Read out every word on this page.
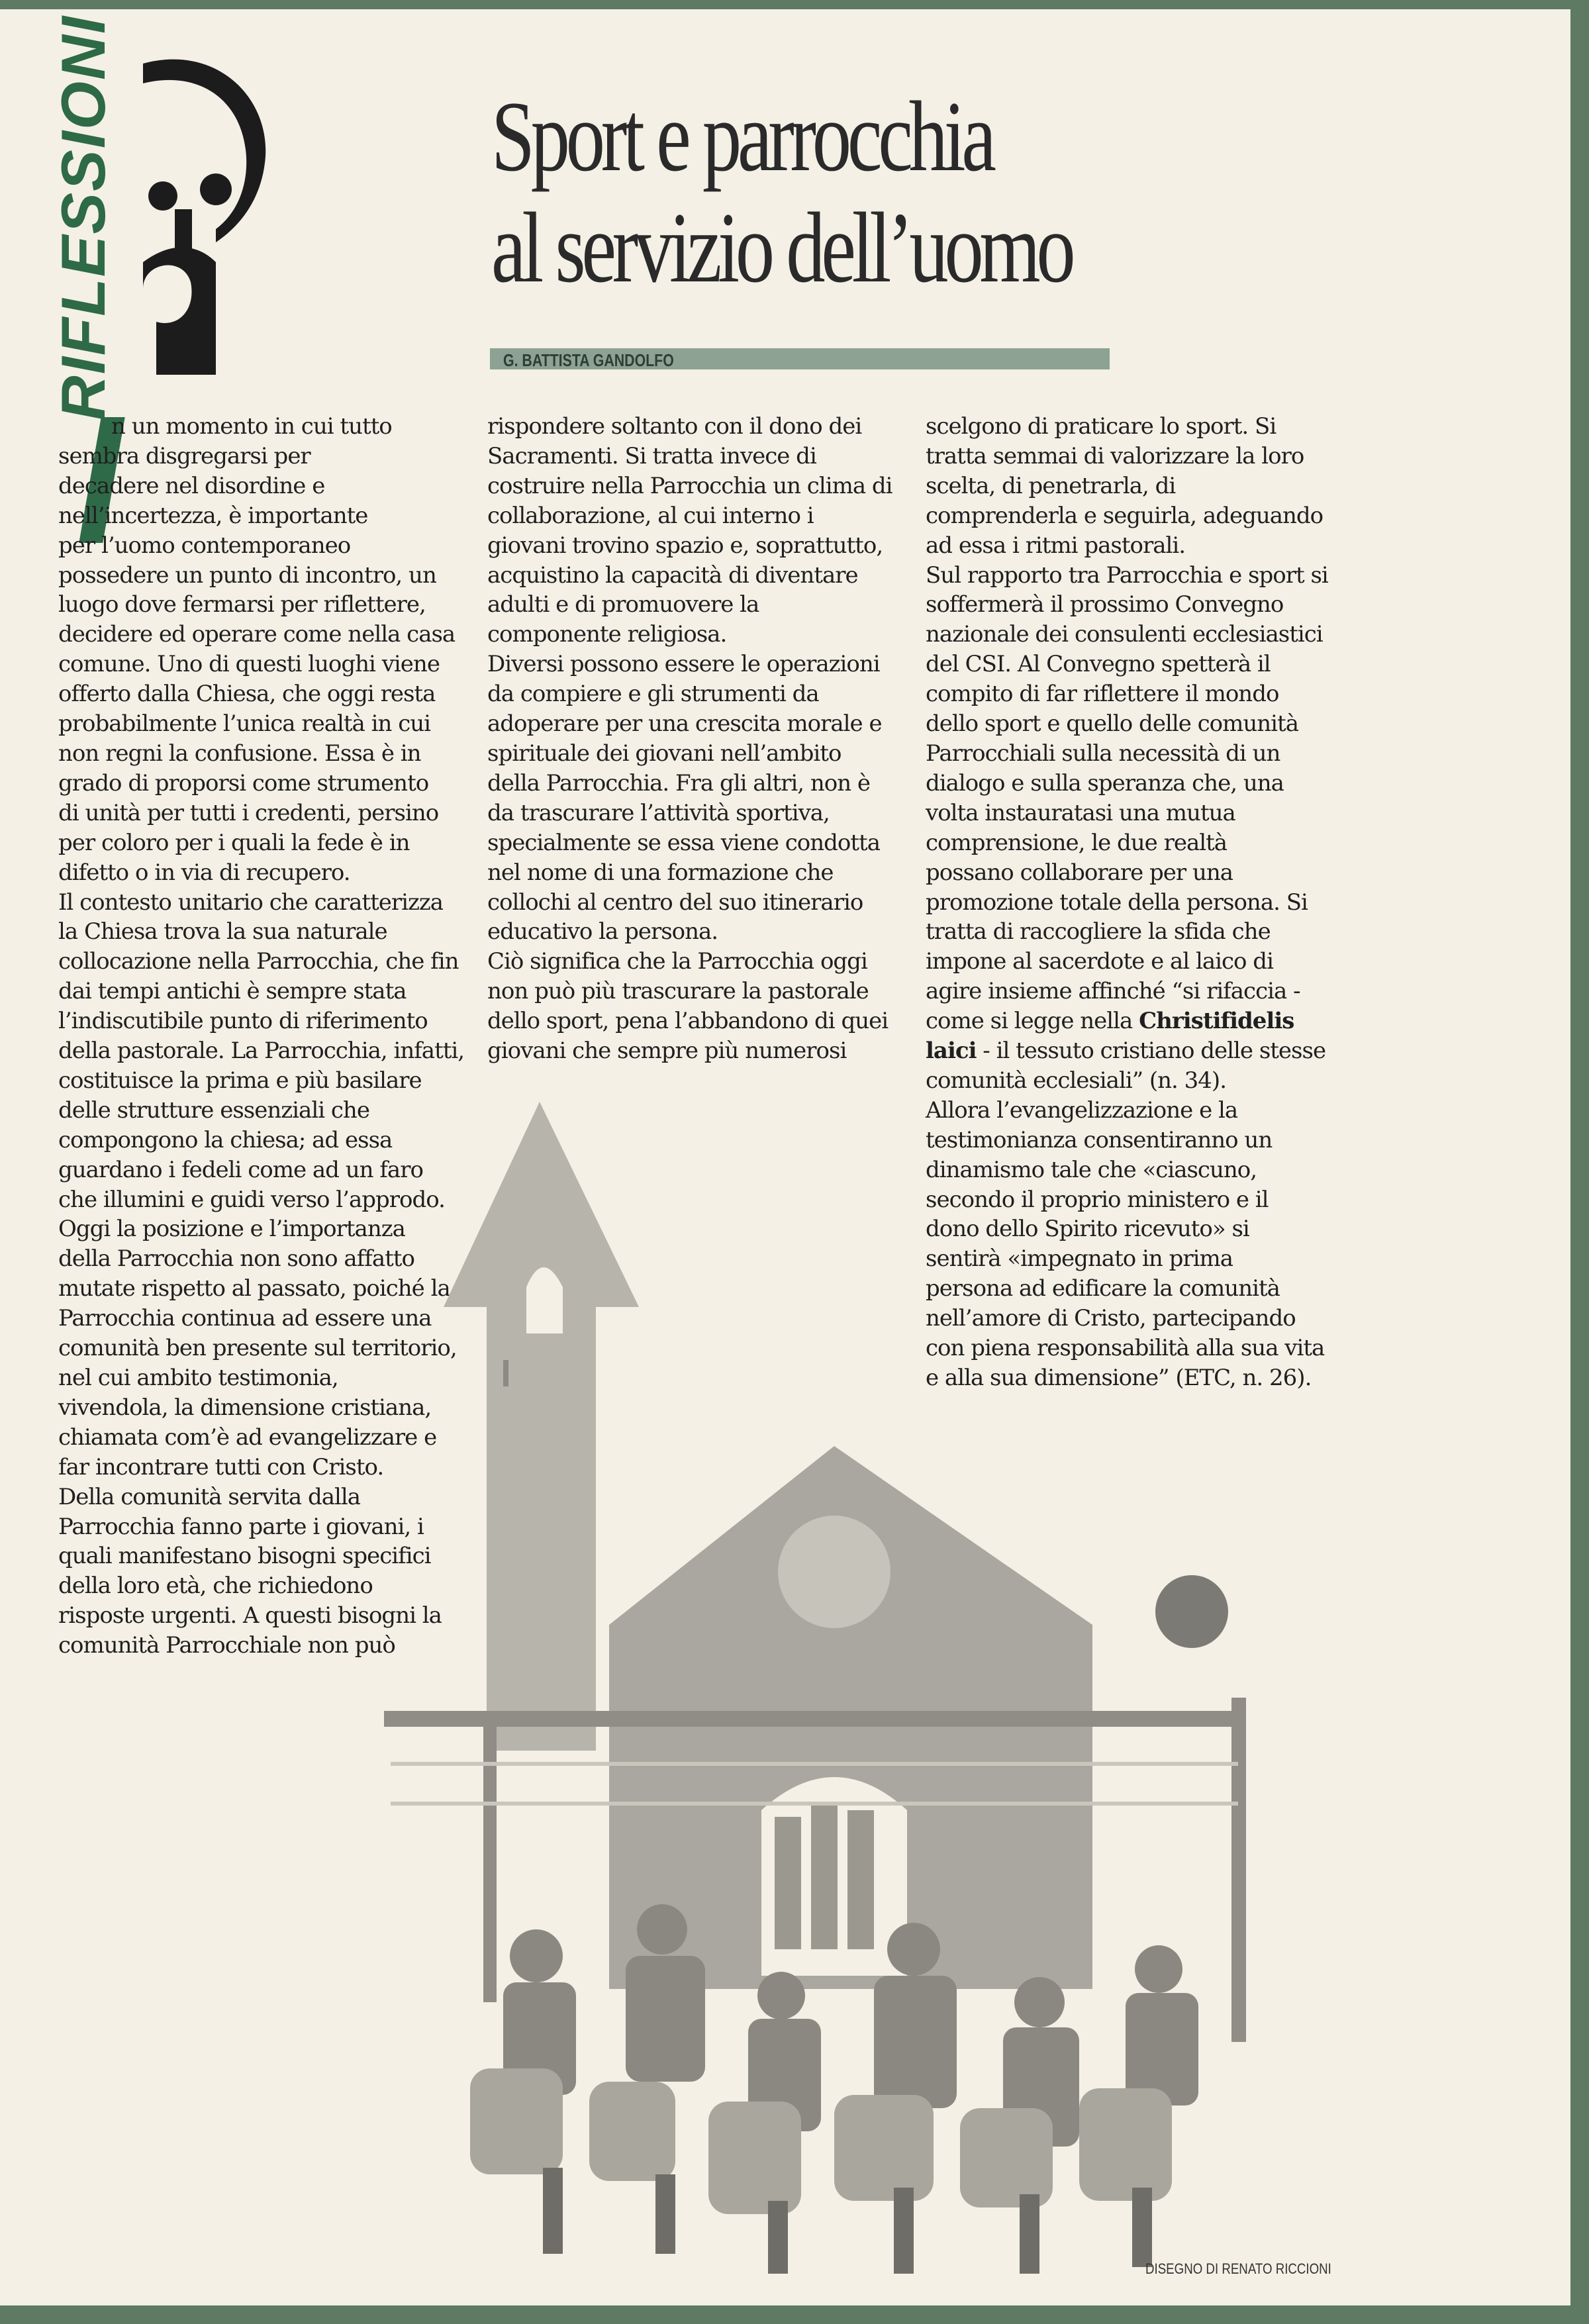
RIFLESSIONI	Sport e parrocchia
al servizio dell’uomo
G. BATTISTA GANDOLFO

n un momento in cui tutto
sembra disgregarsi per
decadere nel disordine e
nell’incertezza, è importante
per l’uomo contemporaneo
possedere un punto di incontro, un
luogo dove fermarsi per riflettere,
decidere ed operare come nella casa
comune. Uno di questi luoghi viene
offerto dalla Chiesa, che oggi resta
probabilmente l’unica realtà in cui
non regni la confusione. Essa è in
grado di proporsi come strumento
di unità per tutti i credenti, persino
per coloro per i quali la fede è in
difetto o in via di recupero.
Il contesto unitario che caratterizza
la Chiesa trova la sua naturale
collocazione nella Parrocchia, che fin
dai tempi antichi è sempre stata
l’indiscutibile punto di riferimento
della pastorale. La Parrocchia, infatti,
costituisce la prima e più basilare
delle strutture essenziali che
compongono la chiesa; ad essa
guardano i fedeli come ad un faro
che illumini e guidi verso l’approdo.
Oggi la posizione e l’importanza
della Parrocchia non sono affatto
mutate rispetto al passato, poiché la
Parrocchia continua ad essere una
comunità ben presente sul territorio,
nel cui ambito testimonia,
vivendola, la dimensione cristiana,
chiamata com’è ad evangelizzare e
far incontrare tutti con Cristo.
Della comunità servita dalla
Parrocchia fanno parte i giovani, i
quali manifestano bisogni specifici
della loro età, che richiedono
risposte urgenti. A questi bisogni la
comunità Parrocchiale non può

rispondere soltanto con il dono dei
Sacramenti. Si tratta invece di
costruire nella Parrocchia un clima di
collaborazione, al cui interno i
giovani trovino spazio e, soprattutto,
acquistino la capacità di diventare
adulti e di promuovere la
componente religiosa.
Diversi possono essere le operazioni
da compiere e gli strumenti da
adoperare per una crescita morale e
spirituale dei giovani nell’ambito
della Parrocchia. Fra gli altri, non è
da trascurare l’attività sportiva,
specialmente se essa viene condotta
nel nome di una formazione che
collochi al centro del suo itinerario
educativo la persona.
Ciò significa che la Parrocchia oggi
non può più trascurare la pastorale
dello sport, pena l’abbandono di quei
giovani che sempre più numerosi

scelgono di praticare lo sport. Si
tratta semmai di valorizzare la loro
scelta, di penetrarla, di
comprenderla e seguirla, adeguando
ad essa i ritmi pastorali.
Sul rapporto tra Parrocchia e sport si
soffermerà il prossimo Convegno
nazionale dei consulenti ecclesiastici
del CSI. Al Convegno spetterà il
compito di far riflettere il mondo
dello sport e quello delle comunità
Parrocchiali sulla necessità di un
dialogo e sulla speranza che, una
volta instauratasi una mutua
comprensione, le due realtà
possano collaborare per una
promozione totale della persona. Si
tratta di raccogliere la sfida che
impone al sacerdote e al laico di
agire insieme affinché “si rifaccia -
come si legge nella Christifidelis
laici - il tessuto cristiano delle stesse
comunità ecclesiali” (n. 34).
Allora l’evangelizzazione e la
testimonianza consentiranno un
dinamismo tale che «ciascuno,
secondo il proprio ministero e il
dono dello Spirito ricevuto» si
sentirà «impegnato in prima
persona ad edificare la comunità
nell’amore di Cristo, partecipando
con piena responsabilità alla sua vita
e alla sua dimensione” (ETC, n. 26).

DISEGNO DI RENATO RICCIONI
